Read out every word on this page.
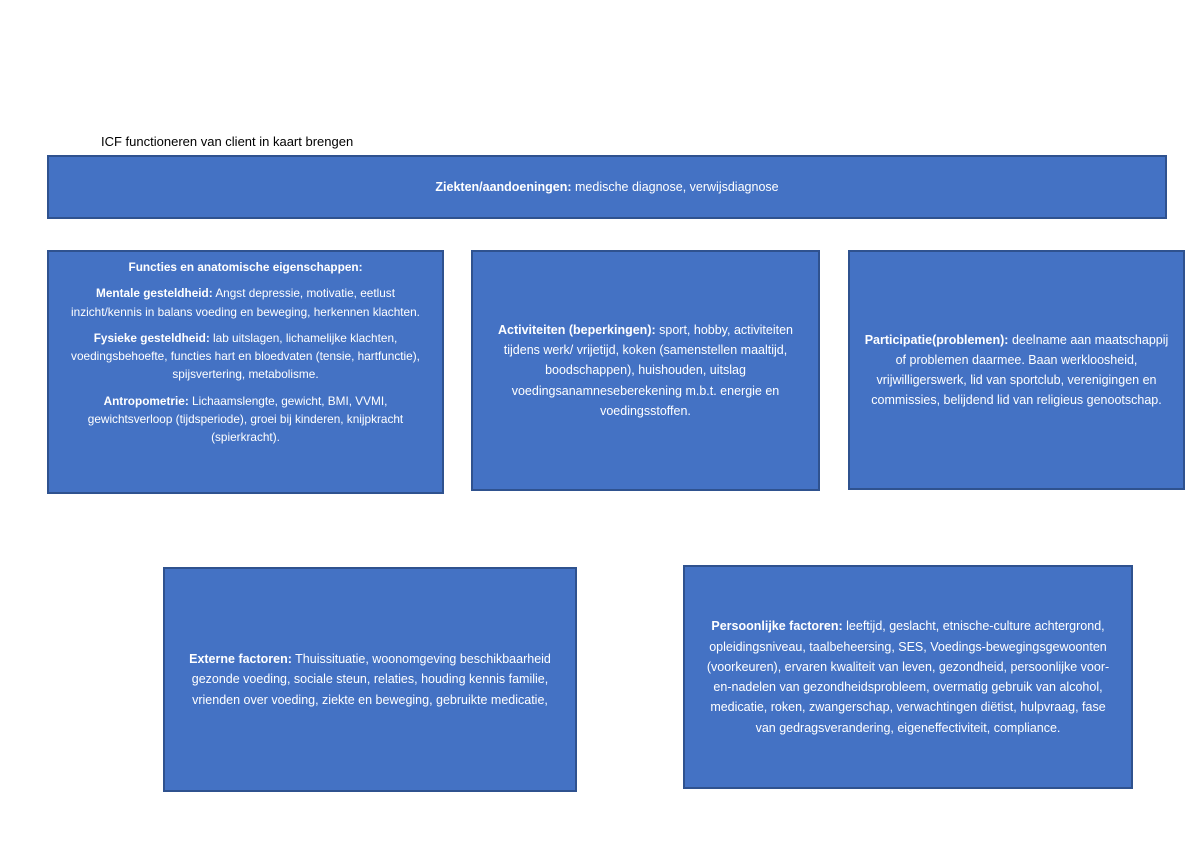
ICF functioneren van client in kaart brengen

Ziekten/aandoeningen: medische diagnose, verwijsdiagnose

Functies en anatomische eigenschappen:

Mentale gesteldheid: Angst depressie, motivatie, eetlust inzicht/kennis in balans voeding en beweging, herkennen klachten.

Fysieke gesteldheid: lab uitslagen, lichamelijke klachten, voedingsbehoefte, functies hart en bloedvaten (tensie, hartfunctie), spijsvertering, metabolisme.

Antropometrie: Lichaamslengte, gewicht, BMI, VVMI, gewichtsverloop (tijdsperiode), groei bij kinderen, knijpkracht (spierkracht).

Activiteiten (beperkingen): sport, hobby, activiteiten tijdens werk/ vrijetijd, koken (samenstellen maaltijd, boodschappen), huishouden, uitslag voedingsanamneseberekening m.b.t. energie en voedingsstoffen.

Participatie(problemen): deelname aan maatschappij of problemen daarmee. Baan werkloosheid, vrijwilligerswerk, lid van sportclub, verenigingen en commissies, belijdend lid van religieus genootschap.

Externe factoren: Thuissituatie, woonomgeving beschikbaarheid gezonde voeding, sociale steun, relaties, houding kennis familie, vrienden over voeding, ziekte en beweging, gebruikte medicatie,

Persoonlijke factoren: leeftijd, geslacht, etnische-culture achtergrond, opleidingsniveau, taalbeheersing, SES, Voedings-bewegingsgewoonten (voorkeuren), ervaren kwaliteit van leven, gezondheid, persoonlijke voor-en-nadelen van gezondheidsprobleem, overmatig gebruik van alcohol, medicatie, roken, zwangerschap, verwachtingen diëtist, hulpvraag, fase van gedragsverandering, eigeneffectiviteit, compliance.
